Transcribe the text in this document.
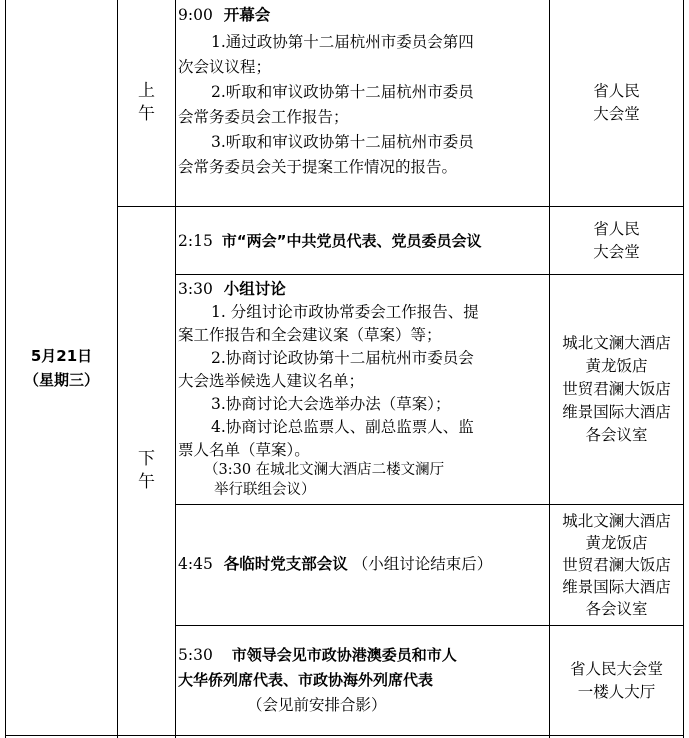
5月21日
（星期三）
上
午
下
午
9:00 开幕会
1.通过政协第十二届杭州市委员会第四
次会议议程；
2.听取和审议政协第十二届杭州市委员
会常务委员会工作报告；
3.听取和审议政协第十二届杭州市委员
会常务委员会关于提案工作情况的报告。
省人民
大会堂
2:15 市“两会”中共党员代表、党员委员会议
省人民
大会堂
3:30 小组讨论
1. 分组讨论市政协常委会工作报告、提
案工作报告和全会建议案（草案）等；
2.协商讨论政协第十二届杭州市委员会
大会选举候选人建议名单；
3.协商讨论大会选举办法（草案）；
4.协商讨论总监票人、副总监票人、监
票人名单（草案）。
（3:30 在城北文澜大酒店二楼文澜厅
举行联组会议）
城北文澜大酒店
黄龙饭店
世贸君澜大饭店
维景国际大酒店
各会议室
4:45 各临时党支部会议 （小组讨论结束后）
城北文澜大酒店
黄龙饭店
世贸君澜大饭店
维景国际大酒店
各会议室
5:30 市领导会见市政协港澳委员和市人
大华侨列席代表、市政协海外列席代表
（会见前安排合影）
省人民大会堂
一楼人大厅
